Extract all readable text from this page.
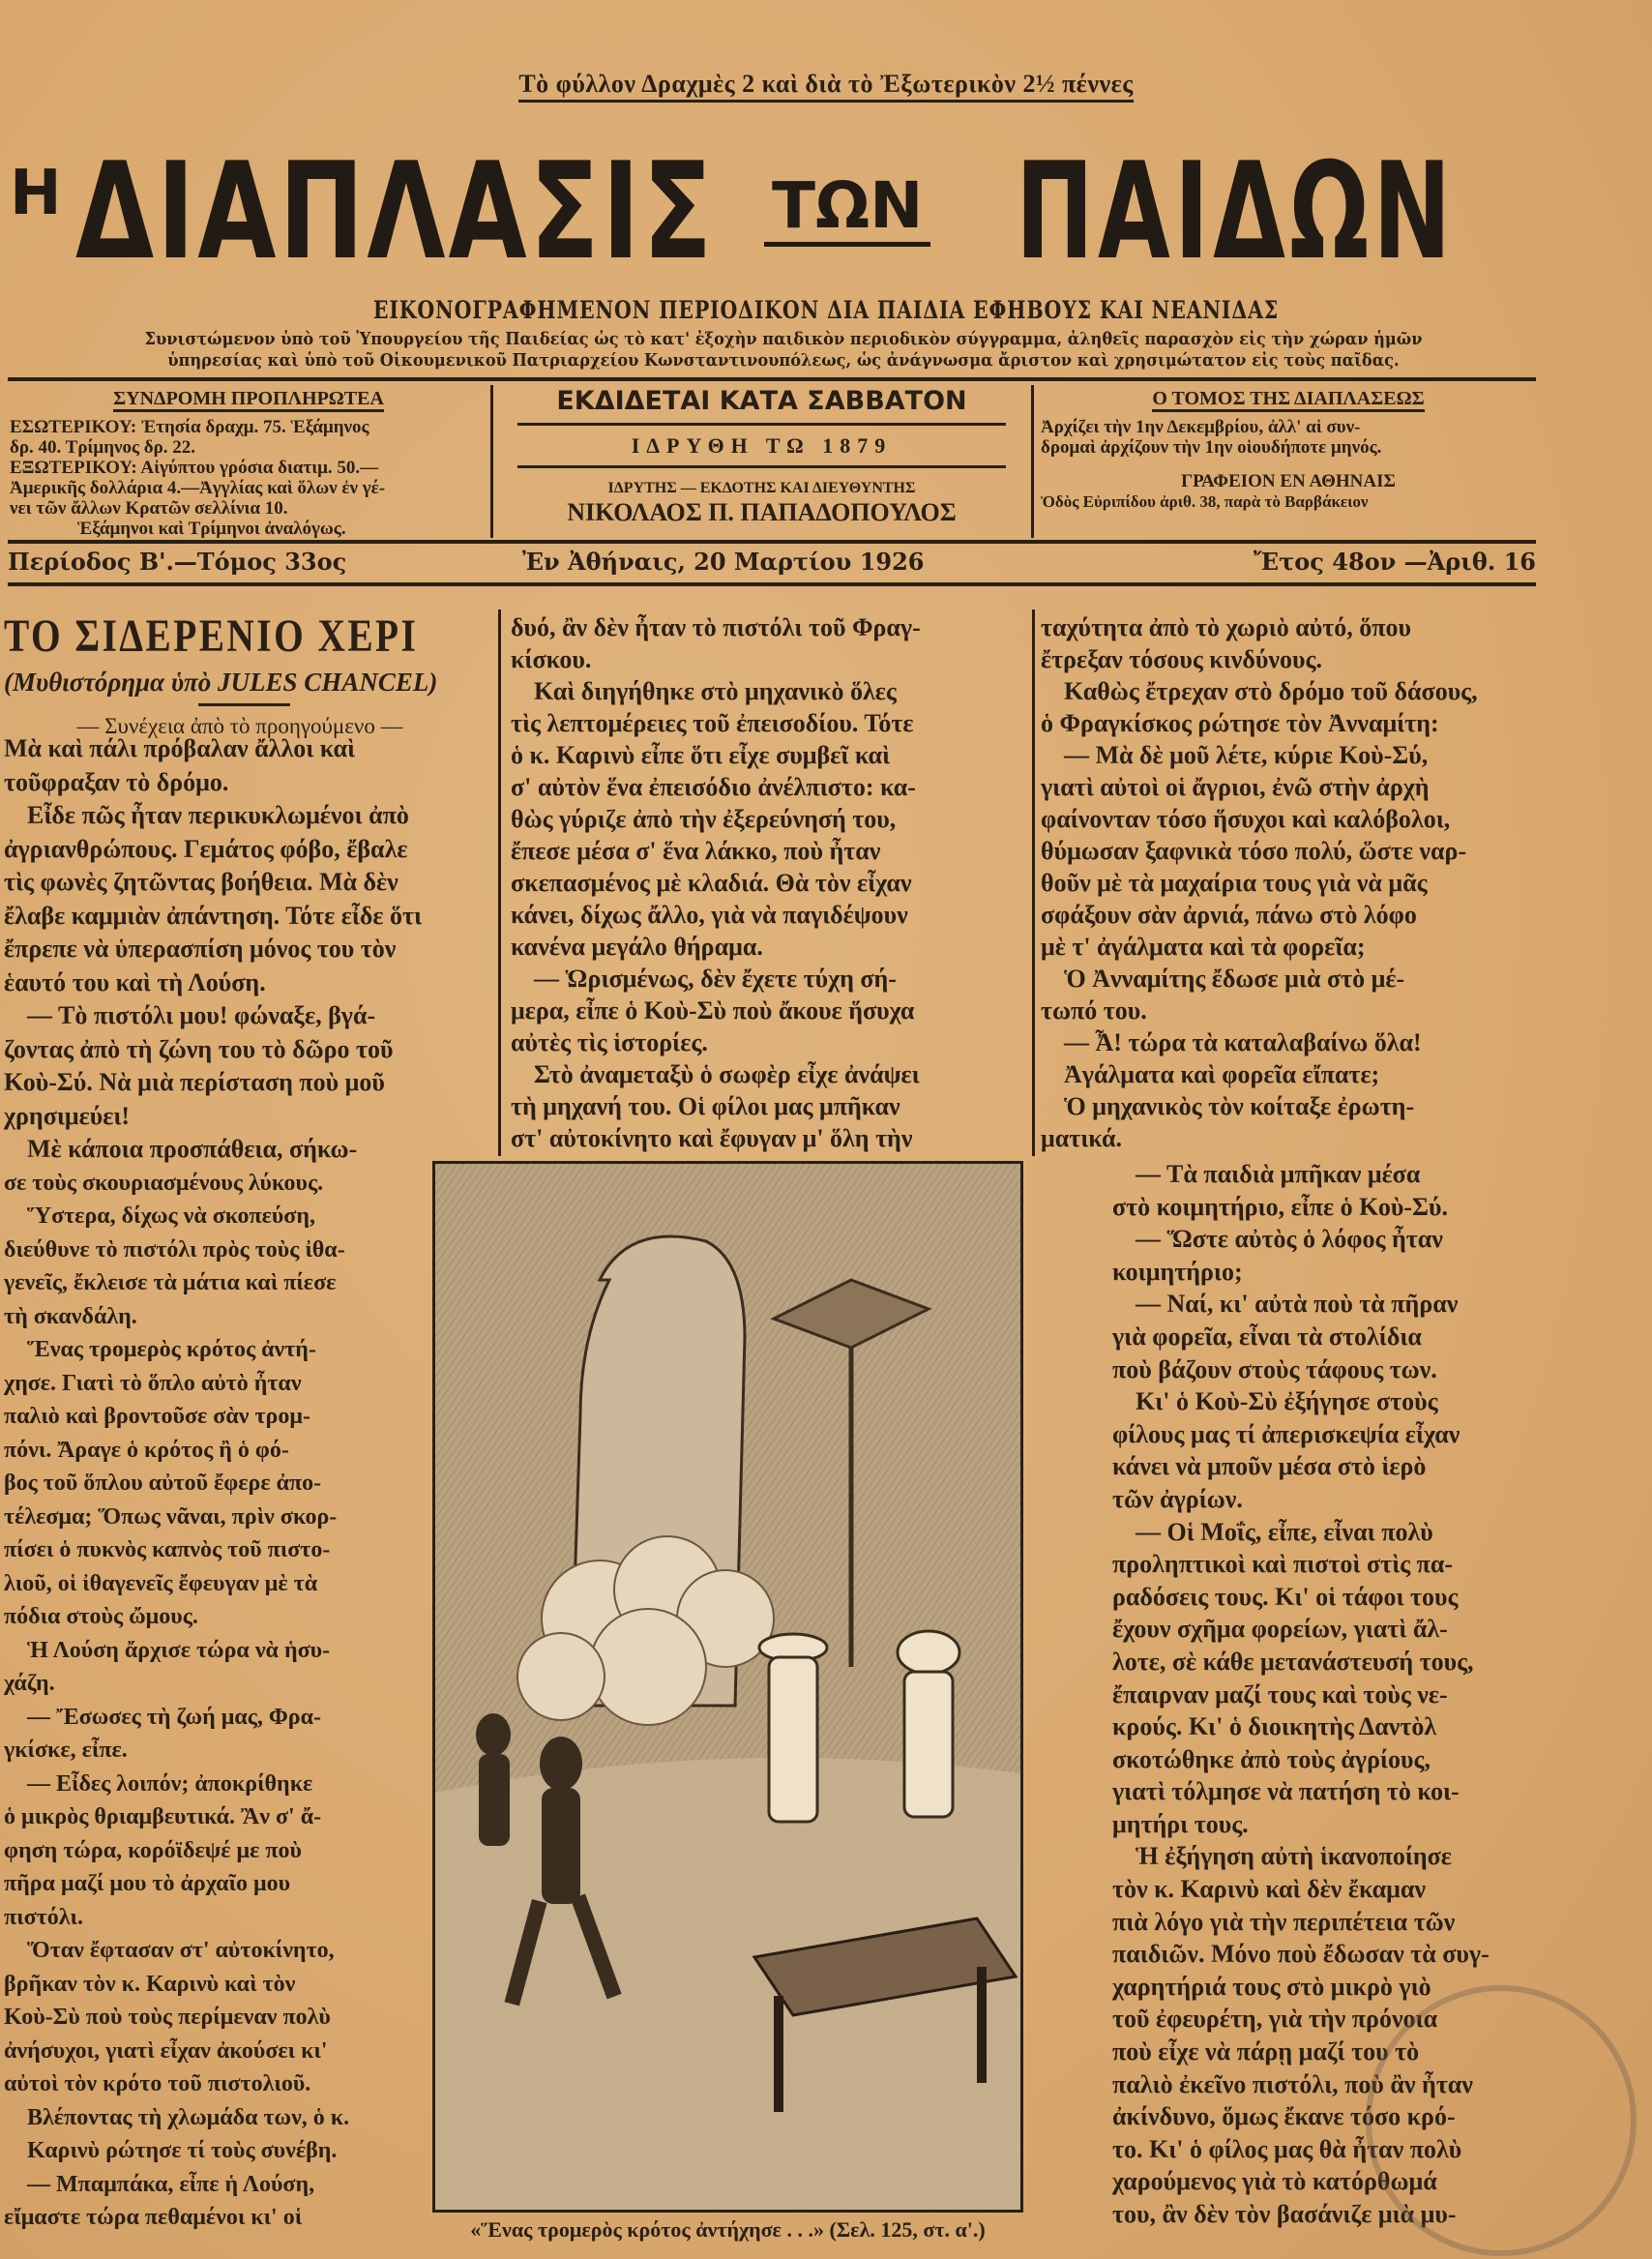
Τὸ φύλλον Δραχμὲς 2 καὶ διὰ τὸ Ἐξωτερικὸν 2½ πέννες
Η ΔΙΑΠΛΑΣΙΣ ΤΩΝ ΠΑΙΔΩΝ
ΕΙΚΟΝΟΓΡΑΦΗΜΕΝΟΝ ΠΕΡΙΟΔΙΚΟΝ ΔΙΑ ΠΑΙΔΙΑ ΕΦΗΒΟΥΣ ΚΑΙ ΝΕΑΝΙΔΑΣ
Συνιστώμενον ὑπὸ τοῦ Ὑπουργείου τῆς Παιδείας ὡς τὸ κατ' ἐξοχὴν παιδικὸν περιοδικὸν σύγγραμμα, ἀληθεῖς παρασχὸν εἰς τὴν χώραν ἡμῶν
ὑπηρεσίας καὶ ὑπὸ τοῦ Οἰκουμενικοῦ Πατριαρχείου Κωνσταντινουπόλεως, ὡς ἀνάγνωσμα ἄριστον καὶ χρησιμώτατον εἰς τοὺς παῖδας.
ΣΥΝΔΡΟΜΗ ΠΡΟΠΛΗΡΩΤΕΑ
ΕΣΩΤΕΡΙΚΟΥ: Ἐτησία δραχμ. 75. Ἑξάμηνος
δρ. 40. Τρίμηνος δρ. 22.
ΕΞΩΤΕΡΙΚΟΥ: Αἰγύπτου γρόσια διατιμ. 50.—
Ἀμερικῆς δολλάρια 4.—Ἀγγλίας καὶ ὅλων ἐν γέ-
νει τῶν ἄλλων Κρατῶν σελλίνια 10.
Ἑξάμηνοι καὶ Τρίμηνοι ἀναλόγως.
ΕΚΔΙΔΕΤΑΙ ΚΑΤΑ ΣΑΒΒΑΤΟΝ
ΙΔΡΥΘΗ ΤΩ 1879
ΙΔΡΥΤΗΣ — ΕΚΔΟΤΗΣ ΚΑΙ ΔΙΕΥΘΥΝΤΗΣ
ΝΙΚΟΛΑΟΣ Π. ΠΑΠΑΔΟΠΟΥΛΟΣ
Ο ΤΟΜΟΣ ΤΗΣ ΔΙΑΠΛΑΣΕΩΣ
Ἀρχίζει τὴν 1ην Δεκεμβρίου, ἀλλ' αἱ συν-
δρομαὶ ἀρχίζουν τὴν 1ην οἱουδήποτε μηνός.
ΓΡΑΦΕΙΟΝ ΕΝ ΑΘΗΝΑΙΣ
Ὁδὸς Εὐριπίδου ἀριθ. 38, παρὰ τὸ Βαρβάκειον
Περίοδος Β'.—Τόμος 33ος	Ἐν Ἀθήναις, 20 Μαρτίου 1926	Ἔτος 48ον —Ἀριθ. 16
ΤΟ ΣΙΔΕΡΕΝΙΟ ΧΕΡΙ
(Μυθιστόρημα ὑπὸ JULES CHANCEL)
— Συνέχεια ἀπὸ τὸ προηγούμενο —
Μὰ καὶ πάλι πρόβαλαν ἄλλοι καὶ
τοῦφραξαν τὸ δρόμο.
Εἶδε πῶς ἦταν περικυκλωμένοι ἀπὸ
ἀγριανθρώπους. Γεμάτος φόβο, ἔβαλε
τὶς φωνὲς ζητῶντας βοήθεια. Μὰ δὲν
ἔλαβε καμμιὰν ἀπάντηση. Τότε εἶδε ὅτι
ἔπρεπε νὰ ὑπερασπίση μόνος του τὸν
ἑαυτό του καὶ τὴ Λούση.
— Τὸ πιστόλι μου! φώναξε, βγά-
ζοντας ἀπὸ τὴ ζώνη του τὸ δῶρο τοῦ
Κοὺ-Σύ. Νὰ μιὰ περίσταση ποὺ μοῦ
χρησιμεύει!
Μὲ κάποια προσπάθεια, σήκω-
σε τοὺς σκουριασμένους λύκους.
Ὕστερα, δίχως νὰ σκοπεύση,
διεύθυνε τὸ πιστόλι πρὸς τοὺς ἰθα-
γενεῖς, ἔκλεισε τὰ μάτια καὶ πίεσε
τὴ σκανδάλη.
Ἕνας τρομερὸς κρότος ἀντή-
χησε. Γιατὶ τὸ ὅπλο αὐτὸ ἦταν
παλιὸ καὶ βροντοῦσε σὰν τρομ-
πόνι. Ἄραγε ὁ κρότος ἢ ὁ φό-
βος τοῦ ὅπλου αὐτοῦ ἔφερε ἀπο-
τέλεσμα; Ὅπως νᾶναι, πρὶν σκορ-
πίσει ὁ πυκνὸς καπνὸς τοῦ πιστο-
λιοῦ, οἱ ἰθαγενεῖς ἔφευγαν μὲ τὰ
πόδια στοὺς ὤμους.
Ἡ Λούση ἄρχισε τώρα νὰ ἡσυ-
χάζη.
— Ἔσωσες τὴ ζωή μας, Φρα-
γκίσκε, εἶπε.
— Εἶδες λοιπόν; ἀποκρίθηκε
ὁ μικρὸς θριαμβευτικά. Ἂν σ' ἄ-
φηση τώρα, κορόϊδεψέ με ποὺ
πῆρα μαζί μου τὸ ἀρχαῖο μου
πιστόλι.
Ὅταν ἔφτασαν στ' αὐτοκίνητο,
βρῆκαν τὸν κ. Καρινὺ καὶ τὸν
Κοὺ-Σὺ ποὺ τοὺς περίμεναν πολὺ
ἀνήσυχοι, γιατὶ εἶχαν ἀκούσει κι'
αὐτοὶ τὸν κρότο τοῦ πιστολιοῦ.
Βλέποντας τὴ χλωμάδα των, ὁ κ.
Καρινὺ ρώτησε τί τοὺς συνέβη.
— Μπαμπάκα, εἶπε ἡ Λούση,
εἴμαστε τώρα πεθαμένοι κι' οἱ
δυό, ἂν δὲν ἦταν τὸ πιστόλι τοῦ Φραγ-
κίσκου.
Καὶ διηγήθηκε στὸ μηχανικὸ ὅλες
τὶς λεπτομέρειες τοῦ ἐπεισοδίου. Τότε
ὁ κ. Καρινὺ εἶπε ὅτι εἶχε συμβεῖ καὶ
σ' αὐτὸν ἕνα ἐπεισόδιο ἀνέλπιστο: κα-
θὼς γύριζε ἀπὸ τὴν ἐξερεύνησή του,
ἔπεσε μέσα σ' ἕνα λάκκο, ποὺ ἦταν
σκεπασμένος μὲ κλαδιά. Θὰ τὸν εἶχαν
κάνει, δίχως ἄλλο, γιὰ νὰ παγιδέψουν
κανένα μεγάλο θήραμα.
— Ὡρισμένως, δὲν ἔχετε τύχη σή-
μερα, εἶπε ὁ Κοὺ-Σὺ ποὺ ἄκουε ἥσυχα
αὐτὲς τὶς ἱστορίες.
Στὸ ἀναμεταξὺ ὁ σωφὲρ εἶχε ἀνάψει
τὴ μηχανή του. Οἱ φίλοι μας μπῆκαν
στ' αὐτοκίνητο καὶ ἔφυγαν μ' ὅλη τὴν
ταχύτητα ἀπὸ τὸ χωριὸ αὐτό, ὅπου
ἔτρεξαν τόσους κινδύνους.
Καθὼς ἔτρεχαν στὸ δρόμο τοῦ δάσους,
ὁ Φραγκίσκος ρώτησε τὸν Ἀνναμίτη:
— Μὰ δὲ μοῦ λέτε, κύριε Κοὺ-Σύ,
γιατὶ αὐτοὶ οἱ ἄγριοι, ἐνῶ στὴν ἀρχὴ
φαίνονταν τόσο ἥσυχοι καὶ καλόβολοι,
θύμωσαν ξαφνικὰ τόσο πολύ, ὥστε ναρ-
θοῦν μὲ τὰ μαχαίρια τους γιὰ νὰ μᾶς
σφάξουν σὰν ἀρνιά, πάνω στὸ λόφο
μὲ τ' ἀγάλματα καὶ τὰ φορεῖα;
Ὁ Ἀνναμίτης ἔδωσε μιὰ στὸ μέ-
τωπό του.
— Ἆ! τώρα τὰ καταλαβαίνω ὅλα!
Ἀγάλματα καὶ φορεῖα εἴπατε;
Ὁ μηχανικὸς τὸν κοίταξε ἐρωτη-
ματικά.
— Τὰ παιδιὰ μπῆκαν μέσα
στὸ κοιμητήριο, εἶπε ὁ Κοὺ-Σύ.
— Ὥστε αὐτὸς ὁ λόφος ἦταν
κοιμητήριο;
— Ναί, κι' αὐτὰ ποὺ τὰ πῆραν
γιὰ φορεῖα, εἶναι τὰ στολίδια
ποὺ βάζουν στοὺς τάφους των.
Κι' ὁ Κοὺ-Σὺ ἐξήγησε στοὺς
φίλους μας τί ἀπερισκεψία εἶχαν
κάνει νὰ μποῦν μέσα στὸ ἱερὸ
τῶν ἀγρίων.
— Οἱ Μοΐς, εἶπε, εἶναι πολὺ
προληπτικοὶ καὶ πιστοὶ στὶς πα-
ραδόσεις τους. Κι' οἱ τάφοι τους
ἔχουν σχῆμα φορείων, γιατὶ ἄλ-
λοτε, σὲ κάθε μετανάστευσή τους,
ἔπαιρναν μαζί τους καὶ τοὺς νε-
κρούς. Κι' ὁ διοικητὴς Δαντὸλ
σκοτώθηκε ἀπὸ τοὺς ἀγρίους,
γιατὶ τόλμησε νὰ πατήση τὸ κοι-
μητήρι τους.
Ἡ ἐξήγηση αὐτὴ ἱκανοποίησε
τὸν κ. Καρινὺ καὶ δὲν ἔκαμαν
πιὰ λόγο γιὰ τὴν περιπέτεια τῶν
παιδιῶν. Μόνο ποὺ ἔδωσαν τὰ συγ-
χαρητήριά τους στὸ μικρὸ γιὸ
τοῦ ἐφευρέτη, γιὰ τὴν πρόνοια
ποὺ εἶχε νὰ πάρῃ μαζί του τὸ
παλιὸ ἐκεῖνο πιστόλι, ποὺ ἂν ἦταν
ἀκίνδυνο, ὅμως ἔκανε τόσο κρό-
το. Κι' ὁ φίλος μας θὰ ἦταν πολὺ
χαρούμενος γιὰ τὸ κατόρθωμά
του, ἂν δὲν τὸν βασάνιζε μιὰ μυ-
«Ἕνας τρομερὸς κρότος ἀντήχησε . . .» (Σελ. 125, στ. α'.)
